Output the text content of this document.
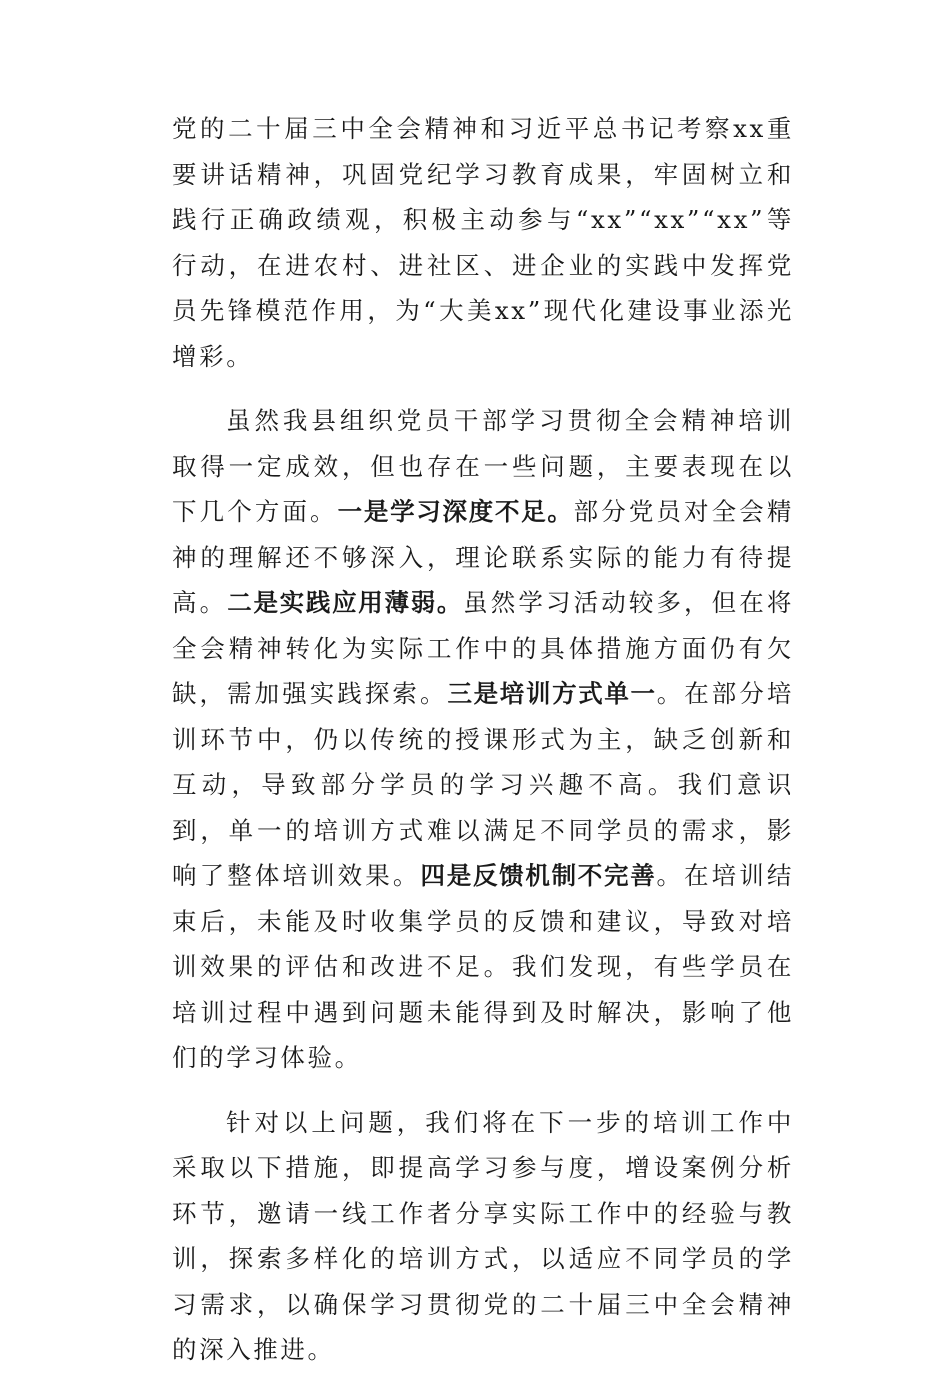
党的二十届三中全会精神和习近平总书记考察xx重要讲话精神，巩固党纪学习教育成果，牢固树立和践行正确政绩观，积极主动参与“xx”“xx”“xx”等行动，在进农村、进社区、进企业的实践中发挥党员先锋模范作用，为“大美xx”现代化建设事业添光增彩。

虽然我县组织党员干部学习贯彻全会精神培训取得一定成效，但也存在一些问题，主要表现在以下几个方面。一是学习深度不足。部分党员对全会精神的理解还不够深入，理论联系实际的能力有待提高。二是实践应用薄弱。虽然学习活动较多，但在将全会精神转化为实际工作中的具体措施方面仍有欠缺，需加强实践探索。三是培训方式单一。在部分培训环节中，仍以传统的授课形式为主，缺乏创新和互动，导致部分学员的学习兴趣不高。我们意识到，单一的培训方式难以满足不同学员的需求，影响了整体培训效果。四是反馈机制不完善。在培训结束后，未能及时收集学员的反馈和建议，导致对培训效果的评估和改进不足。我们发现，有些学员在培训过程中遇到问题未能得到及时解决，影响了他们的学习体验。

针对以上问题，我们将在下一步的培训工作中采取以下措施，即提高学习参与度，增设案例分析环节，邀请一线工作者分享实际工作中的经验与教训，探索多样化的培训方式，以适应不同学员的学习需求，以确保学习贯彻党的二十届三中全会精神的深入推进。
